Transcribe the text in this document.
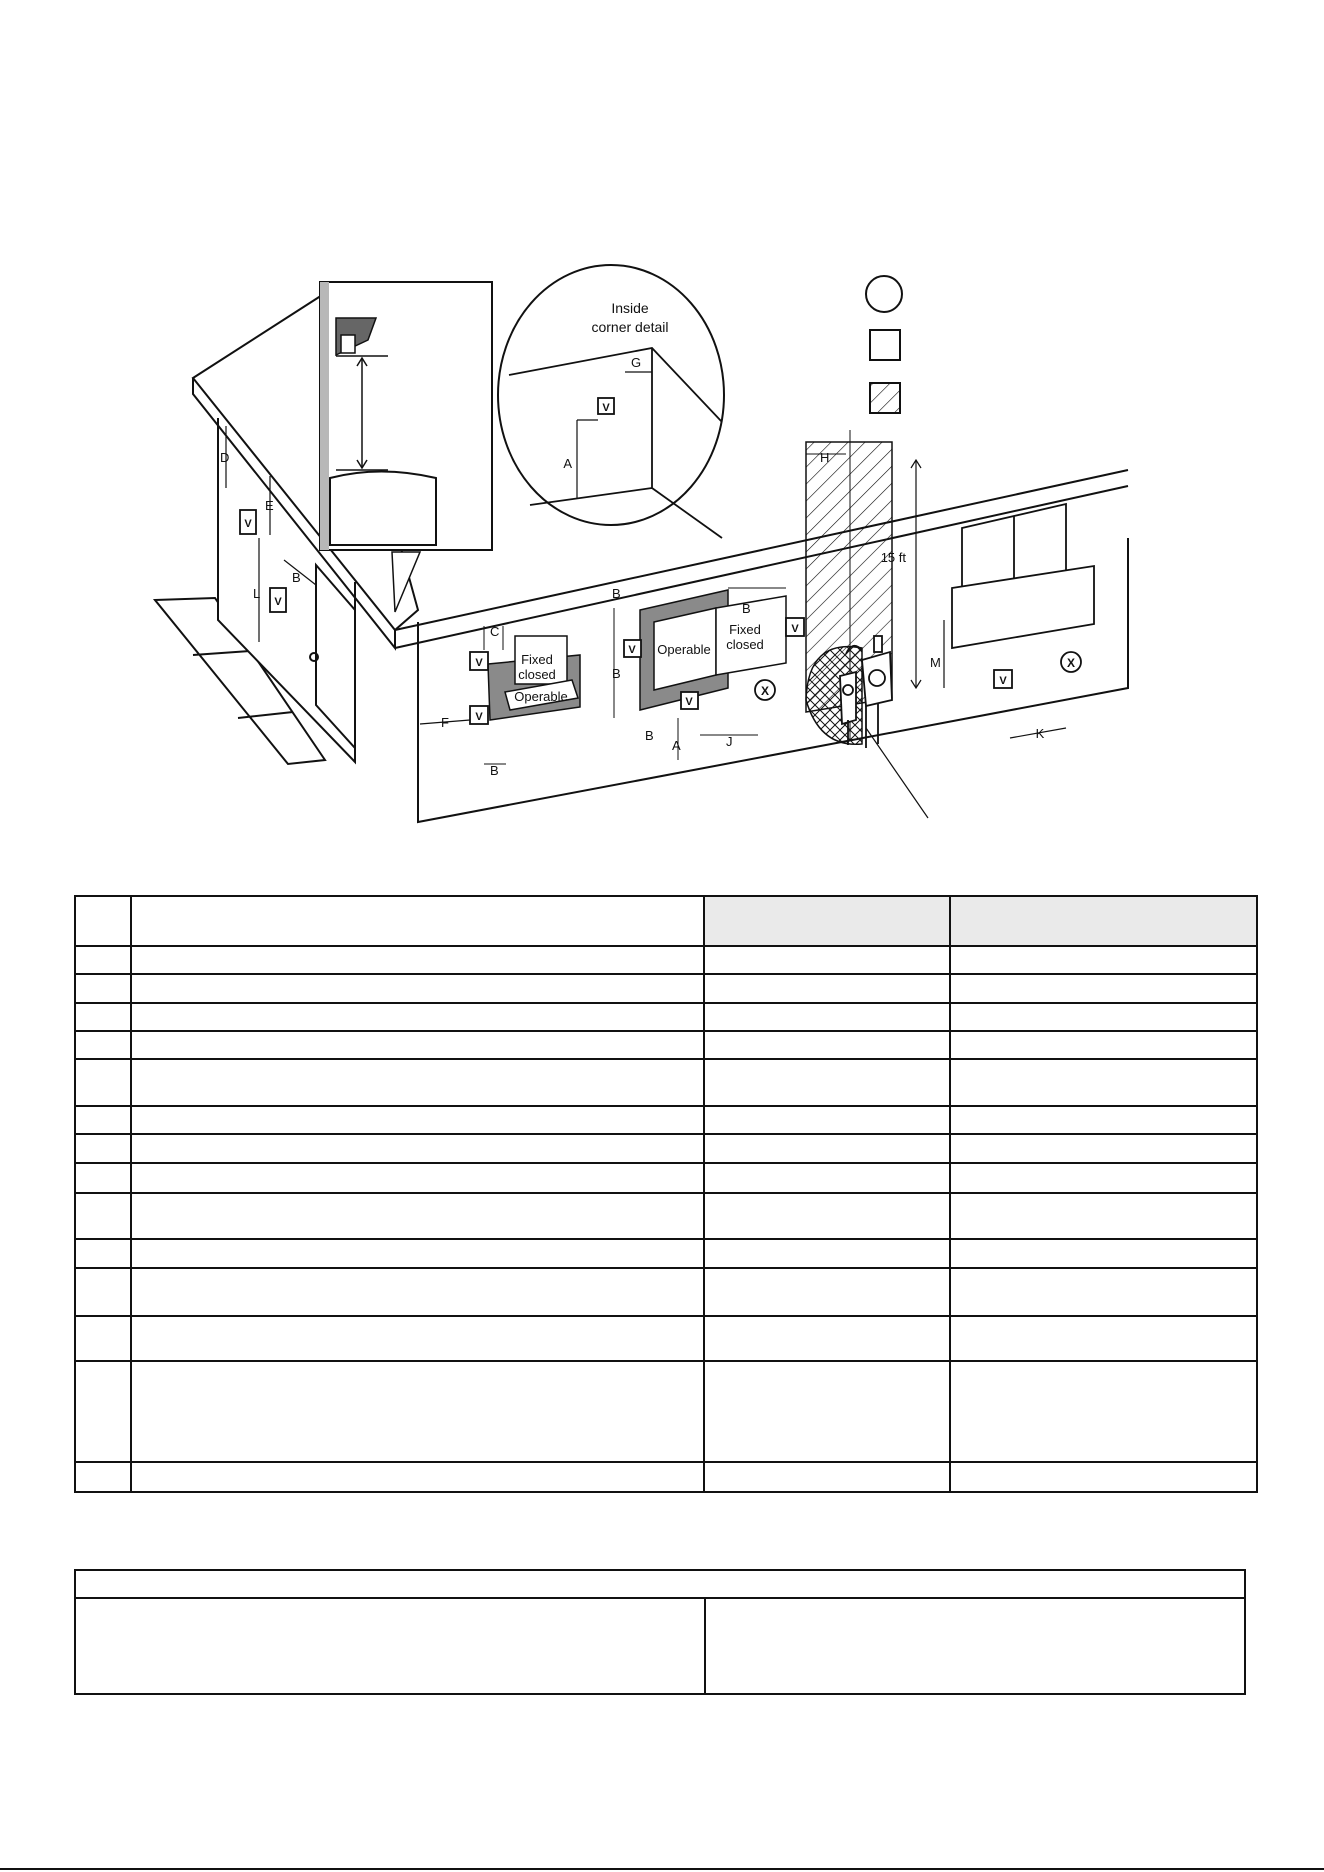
Inside
corner detail
G
V
A
D
E
L
B
V
V
Fixed
closed
Operable
V
V
F
C
B
Operable
Fixed
closed
V
V
V
X
B
B
B
A	J
B
H
15 ft
M
V
X
K
